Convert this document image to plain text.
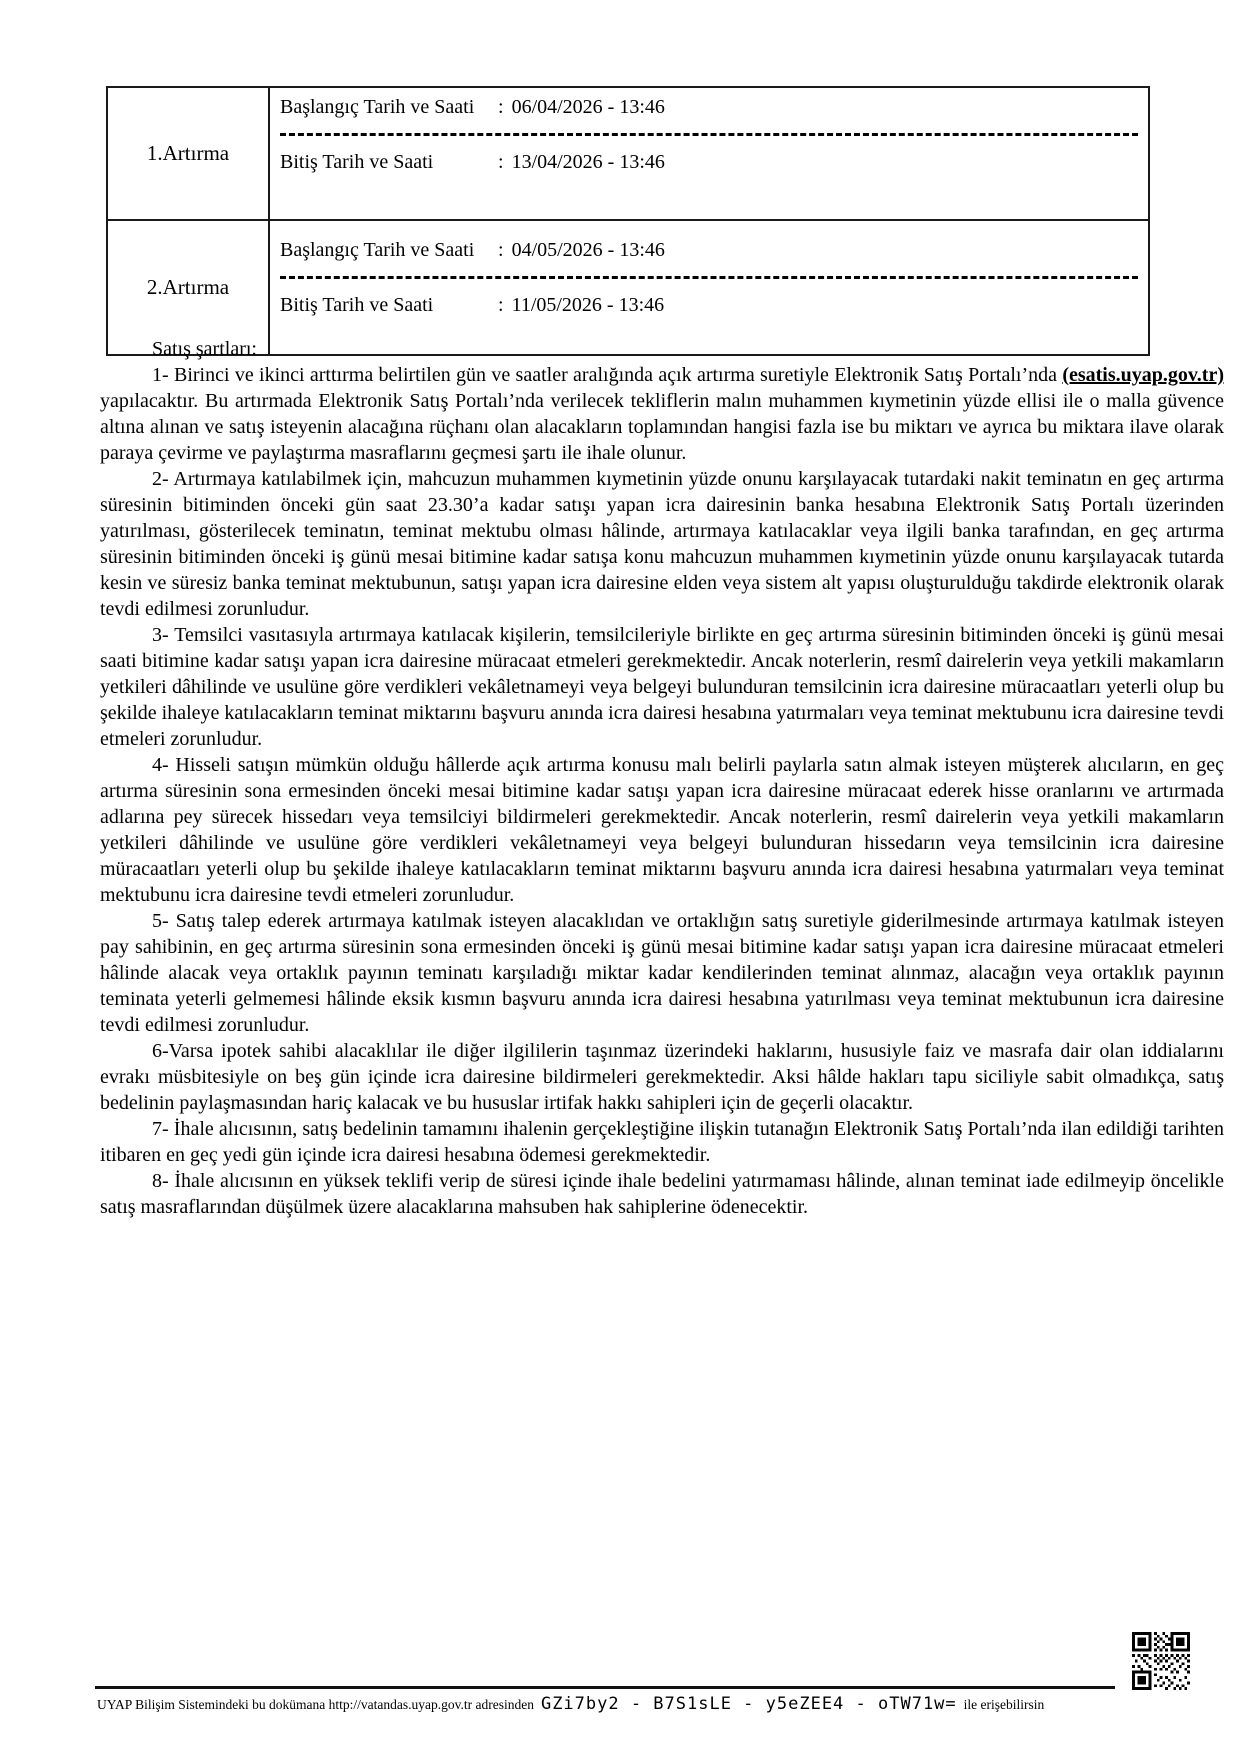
1.Artırma	
Başlangıç Tarih ve Saati	: 06/04/2026 - 13:46
Bitiş Tarih ve Saati	: 13/04/2026 - 13:46

2.Artırma	
Başlangıç Tarih ve Saati	: 04/05/2026 - 13:46
Bitiş Tarih ve Saati	: 11/05/2026 - 13:46

Satış şartları:

1- Birinci ve ikinci arttırma belirtilen gün ve saatler aralığında açık artırma suretiyle Elektronik Satış Portalı’nda (esatis.uyap.gov.tr) yapılacaktır. Bu artırmada Elektronik Satış Portalı’nda verilecek tekliflerin malın muhammen kıymetinin yüzde ellisi ile o malla güvence altına alınan ve satış isteyenin alacağına rüçhanı olan alacakların toplamından hangisi fazla ise bu miktarı ve ayrıca bu miktara ilave olarak paraya çevirme ve paylaştırma masraflarını geçmesi şartı ile ihale olunur.

2- Artırmaya katılabilmek için, mahcuzun muhammen kıymetinin yüzde onunu karşılayacak tutardaki nakit teminatın en geç artırma süresinin bitiminden önceki gün saat 23.30’a kadar satışı yapan icra dairesinin banka hesabına Elektronik Satış Portalı üzerinden yatırılması, gösterilecek teminatın, teminat mektubu olması hâlinde, artırmaya katılacaklar veya ilgili banka tarafından, en geç artırma süresinin bitiminden önceki iş günü mesai bitimine kadar satışa konu mahcuzun muhammen kıymetinin yüzde onunu karşılayacak tutarda kesin ve süresiz banka teminat mektubunun, satışı yapan icra dairesine elden veya sistem alt yapısı oluşturulduğu takdirde elektronik olarak tevdi edilmesi zorunludur.

3- Temsilci vasıtasıyla artırmaya katılacak kişilerin, temsilcileriyle birlikte en geç artırma süresinin bitiminden önceki iş günü mesai saati bitimine kadar satışı yapan icra dairesine müracaat etmeleri gerekmektedir. Ancak noterlerin, resmî dairelerin veya yetkili makamların yetkileri dâhilinde ve usulüne göre verdikleri vekâletnameyi veya belgeyi bulunduran temsilcinin icra dairesine müracaatları yeterli olup bu şekilde ihaleye katılacakların teminat miktarını başvuru anında icra dairesi hesabına yatırmaları veya teminat mektubunu icra dairesine tevdi etmeleri zorunludur.

4- Hisseli satışın mümkün olduğu hâllerde açık artırma konusu malı belirli paylarla satın almak isteyen müşterek alıcıların, en geç artırma süresinin sona ermesinden önceki mesai bitimine kadar satışı yapan icra dairesine müracaat ederek hisse oranlarını ve artırmada adlarına pey sürecek hissedarı veya temsilciyi bildirmeleri gerekmektedir. Ancak noterlerin, resmî dairelerin veya yetkili makamların yetkileri dâhilinde ve usulüne göre verdikleri vekâletnameyi veya belgeyi bulunduran hissedarın veya temsilcinin icra dairesine müracaatları yeterli olup bu şekilde ihaleye katılacakların teminat miktarını başvuru anında icra dairesi hesabına yatırmaları veya teminat mektubunu icra dairesine tevdi etmeleri zorunludur.

5- Satış talep ederek artırmaya katılmak isteyen alacaklıdan ve ortaklığın satış suretiyle giderilmesinde artırmaya katılmak isteyen pay sahibinin, en geç artırma süresinin sona ermesinden önceki iş günü mesai bitimine kadar satışı yapan icra dairesine müracaat etmeleri hâlinde alacak veya ortaklık payının teminatı karşıladığı miktar kadar kendilerinden teminat alınmaz, alacağın veya ortaklık payının teminata yeterli gelmemesi hâlinde eksik kısmın başvuru anında icra dairesi hesabına yatırılması veya teminat mektubunun icra dairesine tevdi edilmesi zorunludur.

6-Varsa ipotek sahibi alacaklılar ile diğer ilgililerin taşınmaz üzerindeki haklarını, hususiyle faiz ve masrafa dair olan iddialarını evrakı müsbitesiyle on beş gün içinde icra dairesine bildirmeleri gerekmektedir. Aksi hâlde hakları tapu siciliyle sabit olmadıkça, satış bedelinin paylaşmasından hariç kalacak ve bu hususlar irtifak hakkı sahipleri için de geçerli olacaktır.

7- İhale alıcısının, satış bedelinin tamamını ihalenin gerçekleştiğine ilişkin tutanağın Elektronik Satış Portalı’nda ilan edildiği tarihten itibaren en geç yedi gün içinde icra dairesi hesabına ödemesi gerekmektedir.

8- İhale alıcısının en yüksek teklifi verip de süresi içinde ihale bedelini yatırmaması hâlinde, alınan teminat iade edilmeyip öncelikle satış masraflarından düşülmek üzere alacaklarına mahsuben hak sahiplerine ödenecektir.

UYAP Bilişim Sistemindeki bu dokümana http://vatandas.uyap.gov.tr adresinden GZi7by2 - B7S1sLE - y5eZEE4 - oTW71w= ile erişebilirsin
